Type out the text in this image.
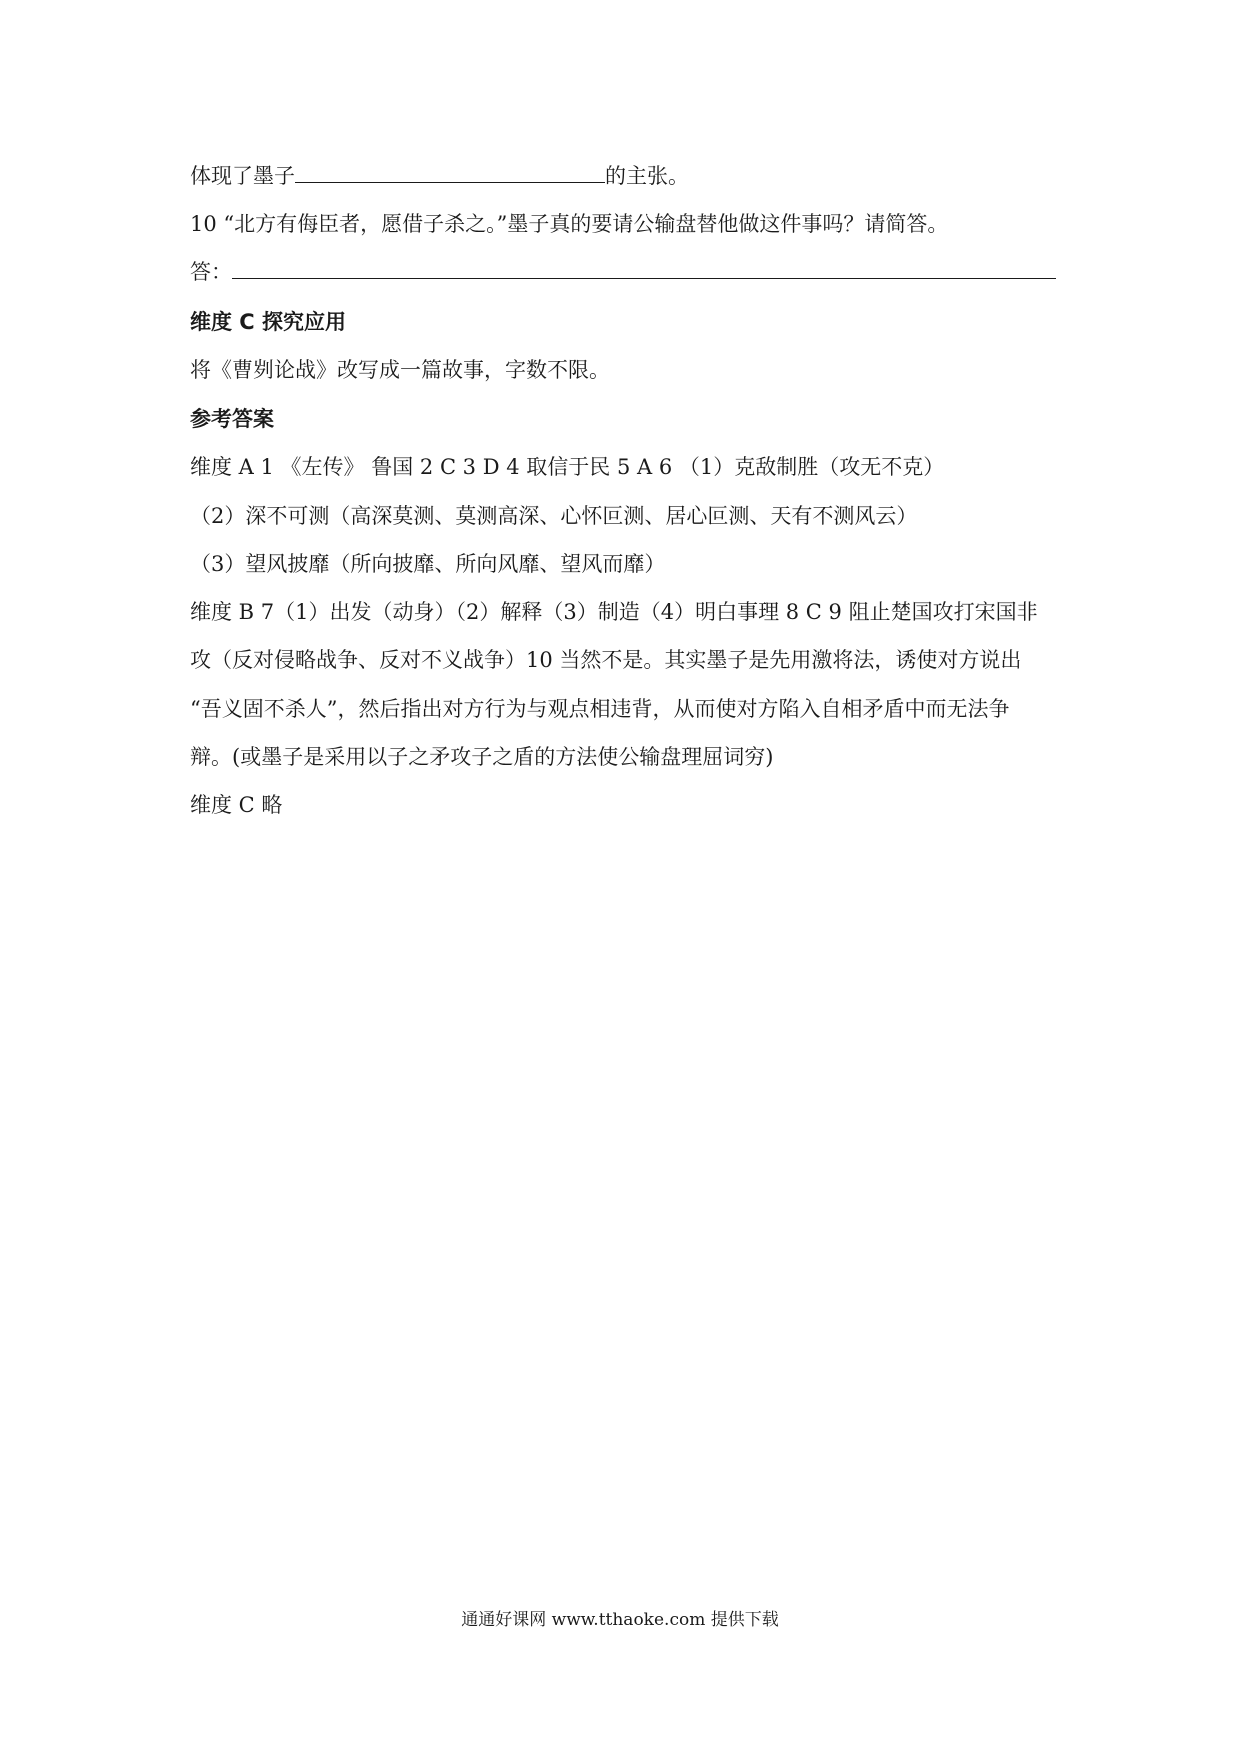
体现了墨子	的主张。
10 “北方有侮臣者，愿借子杀之。”墨子真的要请公输盘替他做这件事吗？请简答。
答：
维度 C 探究应用
将《曹刿论战》改写成一篇故事，字数不限。
参考答案
维度 A 1 《左传》 鲁国 2 C 3 D 4 取信于民 5 A 6 （1）克敌制胜（攻无不克）
（2）深不可测（高深莫测、莫测高深、心怀叵测、居心叵测、天有不测风云）
（3）望风披靡（所向披靡、所向风靡、望风而靡）
维度 B 7（1）出发（动身）（2）解释（3）制造（4）明白事理 8 C 9 阻止楚国攻打宋国非
攻（反对侵略战争、反对不义战争）10 当然不是。其实墨子是先用激将法，诱使对方说出
“吾义固不杀人”，然后指出对方行为与观点相违背，从而使对方陷入自相矛盾中而无法争
辩。(或墨子是采用以子之矛攻子之盾的方法使公输盘理屈词穷)
维度 C 略
通通好课网 www.tthaoke.com 提供下载
